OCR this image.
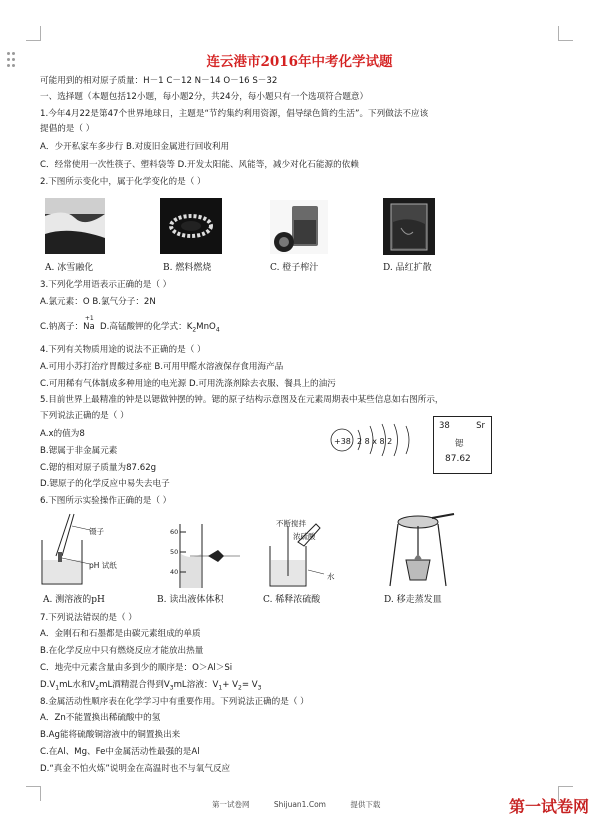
连云港市2016年中考化学试题
可能用到的相对原子质量：H－1 C－12 N－14 O－16 S－32
一、选择题（本题包括12小题，每小题2分，共24分，每小题只有一个选项符合题意）
1.今年4月22是第47个世界地球日，主题是“节约集约利用资源，倡导绿色简约生活”。下列做法不应该
提倡的是（ ）
A．少开私家车多步行 B.对废旧金属进行回收利用
C．经常使用一次性筷子、塑料袋等 D.开发太阳能、风能等，减少对化石能源的依赖
2.下图所示变化中，属于化学变化的是（ ）
A. 冰雪融化	B. 燃料燃烧	C. 橙子榨汁	D. 品红扩散
3.下列化学用语表示正确的是（ ）
A.氯元素：O B.氯气分子：2N
C.钠离子：$Na^{+1}$
D.高锰酸钾的化学式：$K_2MnO_4$
4.下列有关物质用途的说法不正确的是（ ）
A.可用小苏打治疗胃酸过多症 B.可用甲醛水溶液保存食用海产品
C.可用稀有气体制成多种用途的电光源 D.可用洗涤剂除去衣服、餐具上的油污
5.目前世界上最精准的钟是以锶做钟摆的钟。锶的原子结构示意图及在元素周期表中某些信息如右图所示，
下列说法正确的是（ ）
A.x的值为8
B.锶属于非金属元素
C.锶的相对原子质量为87.62g
D.锶原子的化学反应中易失去电子
+38 2 8 x 8 2
38	Sr
锶
87.62
6.下图所示实验操作正确的是（ ）
镊子
pH 试纸
60
50
40
不断搅拌
浓硫酸
水
A. 测溶液的pH	B. 读出液体体积	C. 稀释浓硫酸	D. 移走蒸发皿
7.下列说法错误的是（ ）
A．金刚石和石墨都是由碳元素组成的单质
B.在化学反应中只有燃烧反应才能放出热量
C．地壳中元素含量由多到少的顺序是：O＞Al＞Si
$D.V_1mL$水和$V_2mL$酒精混合得到$V_3mL$溶液：$V_1+ V_2= V_3$
8.金属活动性顺序表在化学学习中有重要作用。下列说法正确的是（ ）
A．Zn不能置换出稀硫酸中的氢
B.Ag能将硫酸铜溶液中的铜置换出来
C.在Al、Mg、Fe中金属活动性最强的是Al
D.“真金不怕火炼”说明金在高温时也不与氧气反应
第一试卷网	Shijuan1.Com	提供下载	第一试卷网
